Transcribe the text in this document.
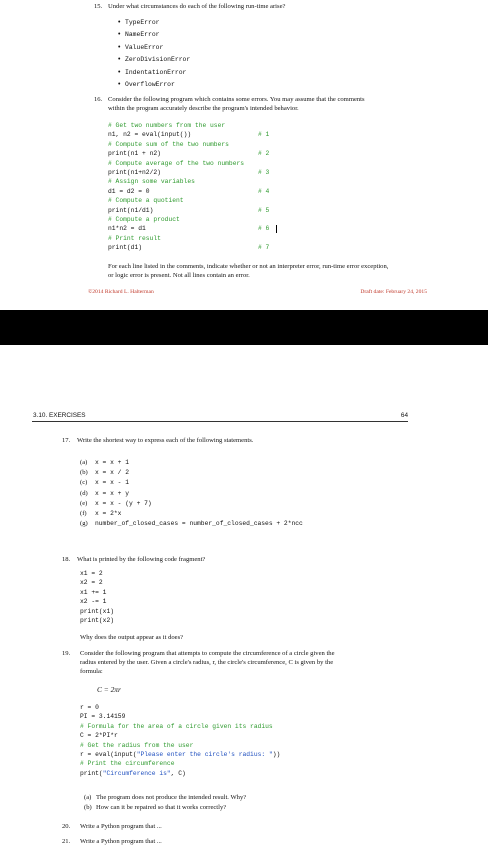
15. Under what circumstances do each of the following run-time arise?
• TypeError
• NameError
• ValueError
• ZeroDivisionError
• IndentationError
• OverflowError
16. Consider the following program which contains some errors. You may assume that the comments
within the program accurately describe the program's intended behavior.
# Get two numbers from the user
n1, n2 = eval(input())	# 1
# Compute sum of the two numbers
print(n1 + n2)	# 2
# Compute average of the two numbers
print(n1+n2/2)	# 3
# Assign some variables
d1 = d2 = 0	# 4
# Compute a quotient
print(n1/d1)	# 5
# Compute a product
n1*n2 = d1	# 6
# Print result
print(d1)	# 7
For each line listed in the comments, indicate whether or not an interpreter error, run-time error exception,
or logic error is present. Not all lines contain an error.
©2014 Richard L. Halterman	Draft date: February 24, 2015
3.10. EXERCISES	64
17. Write the shortest way to express each of the following statements.
(a) x = x + 1
(b) x = x / 2
(c) x = x - 1
(d) x = x + y
(e) x = x - (y + 7)
(f) x = 2*x
(g) number_of_closed_cases = number_of_closed_cases + 2*ncc
18. What is printed by the following code fragment?
x1 = 2
x2 = 2
x1 += 1
x2 -= 1
print(x1)
print(x2)
Why does the output appear as it does?
19. Consider the following program that attempts to compute the circumference of a circle given the
radius entered by the user. Given a circle's radius, r, the circle's circumference, C is given by the
formula:
C = 2πr
r = 0
PI = 3.14159
# Formula for the area of a circle given its radius
C = 2*PI*r
# Get the radius from the user
r = eval(input("Please enter the circle's radius: "))
# Print the circumference
print("Circumference is", C)
(a) The program does not produce the intended result. Why?
(b) How can it be repaired so that it works correctly?
20. Write a Python program that ...
21. Write a Python program that ...
